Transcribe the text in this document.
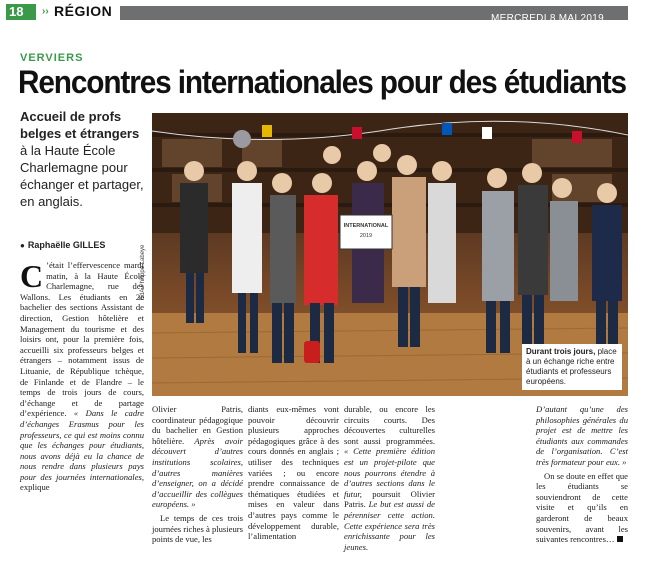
18	›› RÉGION	MERCREDI 8 MAI 2019
VERVIERS
Rencontres internationales pour des étudiants
Accueil de profs belges et étrangers à la Haute École Charlemagne pour échanger et partager, en anglais.
● Raphaëlle GILLES
INTERNATIONAL
2019
ÉdA Philippe Labeye
Durant trois jours, place à un échange riche entre étudiants et professeurs européens.
C ’était l’effervescence mardi matin, à la Haute École Charlemagne, rue des Wallons. Les étudiants en 2e bachelier des sections Assistant de direction, Gestion hôtelière et Management du tourisme et des loisirs ont, pour la première fois, accueilli six professeurs belges et étrangers – notamment issus de Lituanie, de République tchèque, de Finlande et de Flandre – le temps de trois jours de cours, d’échange et de partage d’expérience. « Dans le cadre d’échanges Erasmus pour les professeurs, ce qui est moins connu que les échanges pour étudiants, nous avons déjà eu la chance de nous rendre dans plusieurs pays pour des journées internationales, explique
Olivier Patris, coordinateur pédagogique du bachelier en Gestion hôtelière. Après avoir découvert d’autres institutions scolaires, d’autres manières d’enseigner, on a décidé d’accueillir des collègues européens. »

Le temps de ces trois journées riches à plusieurs points de vue, les

diants eux-mêmes vont pouvoir découvrir plusieurs approches pédagogiques grâce à des cours donnés en anglais ; utiliser des techniques variées ; ou encore prendre connaissance de thématiques étudiées et mises en valeur dans d’autres pays comme le développement durable, l’alimentation
durable, ou encore les circuits courts. Des découvertes culturelles sont aussi programmées. « Cette première édition est un projet-pilote que nous pourrons étendre à d’autres sections dans le futur, poursuit Olivier Patris. Le but est aussi de pérenniser cette action. Cette expérience sera très enrichissante pour les jeunes.
D’autant qu’une des philosophies générales du projet est de mettre les étudiants aux commandes de l’organisation. C’est très formateur pour eux. »

On se doute en effet que les étudiants se souviendront de cette visite et qu’ils en garderont de beaux souvenirs, avant les suivantes rencontres…
